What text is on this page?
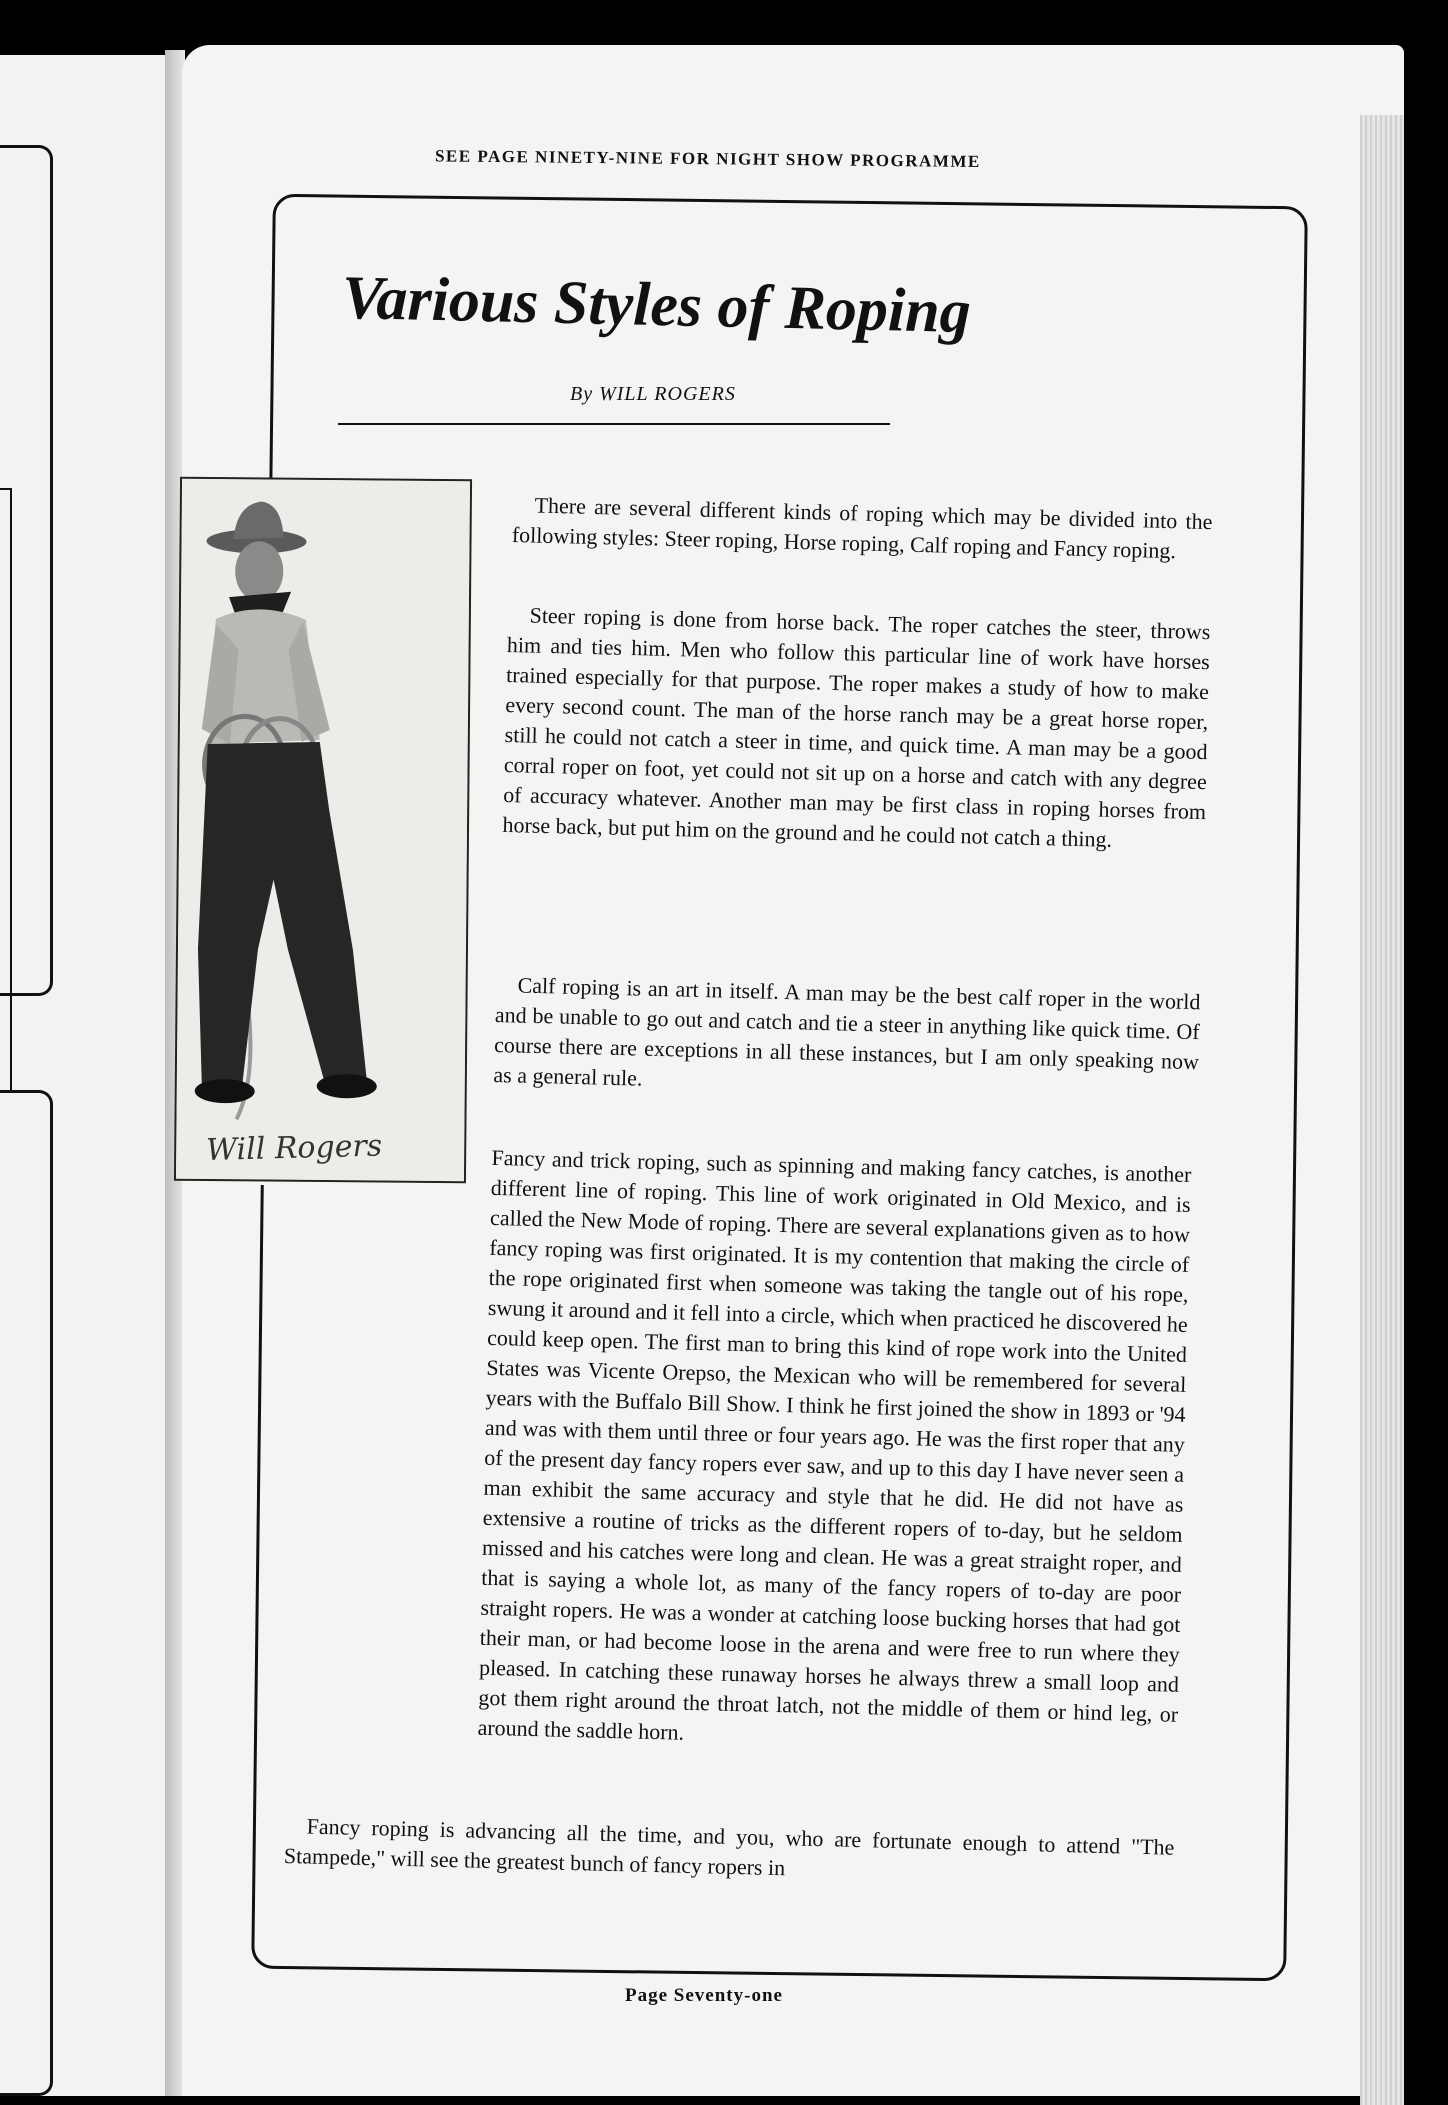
SEE PAGE NINETY-NINE FOR NIGHT SHOW PROGRAMME
Various Styles of Roping
By WILL ROGERS
Will Rogers

There are several different kinds of roping which may be divided into the following styles: Steer roping, Horse roping, Calf roping and Fancy roping.

Steer roping is done from horse back. The roper catches the steer, throws him and ties him. Men who follow this particular line of work have horses trained especially for that purpose. The roper makes a study of how to make every second count. The man of the horse ranch may be a great horse roper, still he could not catch a steer in time, and quick time. A man may be a good corral roper on foot, yet could not sit up on a horse and catch with any degree of accuracy whatever. Another man may be first class in roping horses from horse back, but put him on the ground and he could not catch a thing.

Calf roping is an art in itself. A man may be the best calf roper in the world and be unable to go out and catch and tie a steer in anything like quick time. Of course there are exceptions in all these instances, but I am only speaking now as a general rule.

Fancy and trick roping, such as spinning and making fancy catches, is another different line of roping. This line of work originated in Old Mexico, and is called the New Mode of roping. There are several explanations given as to how fancy roping was first originated. It is my contention that making the circle of the rope originated first when someone was taking the tangle out of his rope, swung it around and it fell into a circle, which when practiced he discovered he could keep open. The first man to bring this kind of rope work into the United States was Vicente Orepso, the Mexican who will be remembered for several years with the Buffalo Bill Show. I think he first joined the show in 1893 or '94 and was with them until three or four years ago. He was the first roper that any of the present day fancy ropers ever saw, and up to this day I have never seen a man exhibit the same accuracy and style that he did. He did not have as extensive a routine of tricks as the different ropers of to-day, but he seldom missed and his catches were long and clean. He was a great straight roper, and that is saying a whole lot, as many of the fancy ropers of to-day are poor straight ropers. He was a wonder at catching loose bucking horses that had got their man, or had become loose in the arena and were free to run where they pleased. In catching these runaway horses he always threw a small loop and got them right around the throat latch, not the middle of them or hind leg, or around the saddle horn.

Fancy roping is advancing all the time, and you, who are fortunate enough to attend "The Stampede," will see the greatest bunch of fancy ropers in

Page Seventy-one
